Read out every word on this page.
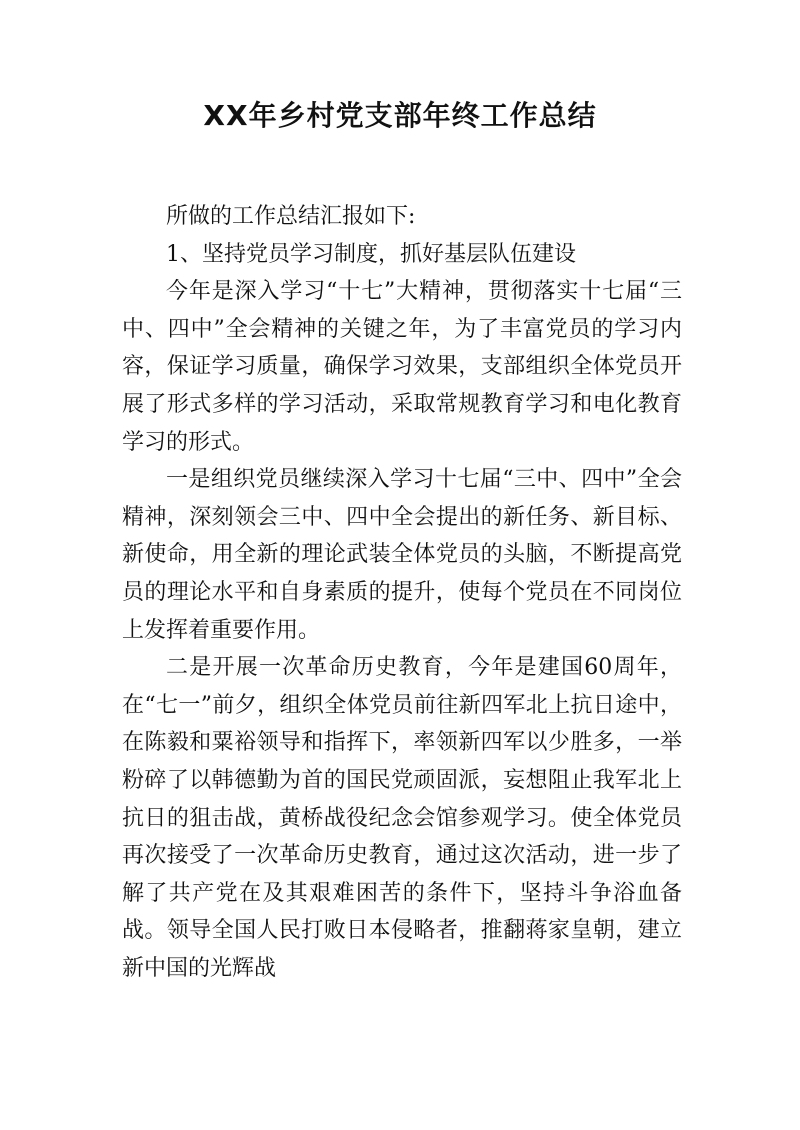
XX年乡村党支部年终工作总结

所做的工作总结汇报如下:

1、坚持党员学习制度，抓好基层队伍建设

今年是深入学习“十七”大精神，贯彻落实十七届“三中、四中”全会精神的关键之年，为了丰富党员的学习内容，保证学习质量，确保学习效果，支部组织全体党员开展了形式多样的学习活动，采取常规教育学习和电化教育学习的形式。

一是组织党员继续深入学习十七届“三中、四中”全会精神，深刻领会三中、四中全会提出的新任务、新目标、新使命，用全新的理论武装全体党员的头脑，不断提高党员的理论水平和自身素质的提升，使每个党员在不同岗位上发挥着重要作用。

二是开展一次革命历史教育，今年是建国60周年，在“七一”前夕，组织全体党员前往新四军北上抗日途中，在陈毅和粟裕领导和指挥下，率领新四军以少胜多，一举粉碎了以韩德勤为首的国民党顽固派，妄想阻止我军北上抗日的狙击战，黄桥战役纪念会馆参观学习。使全体党员再次接受了一次革命历史教育，通过这次活动，进一步了解了共产党在及其艰难困苦的条件下，坚持斗争浴血备战。领导全国人民打败日本侵略者，推翻蒋家皇朝，建立新中国的光辉战
